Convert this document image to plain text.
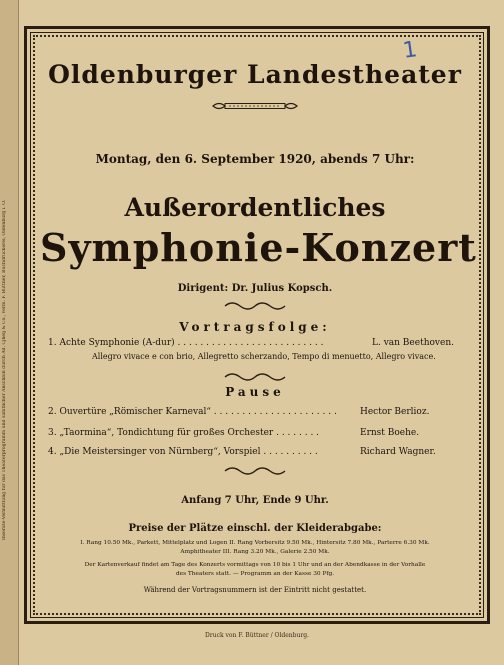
Inserate-Vermittlung für das Theaterprogramm und sämtlicher Anschluß durch Ad. Cjhelj & Co., verm. F. Büttner, Buchdruckerei, Oldenburg i. O.
1
Oldenburger Landestheater
Montag, den 6. September 1920, abends 7 Uhr:
Außerordentliches
Symphonie-Konzert
Dirigent: Dr. Julius Kopsch.
Vortragsfolge:
1. Achte Symphonie (A-dur) . . . . . . . . . . . . . . . . . . . . . . . . . .	L. van Beethoven.
Allegro vivace e con brio, Allegretto scherzando, Tempo di menuetto, Allegro vivace.
Pause
2. Ouvertüre „Römischer Karneval“ . . . . . . . . . . . . . . . . . . . . . .	Hector Berlioz.
3. „Taormina“, Tondichtung für großes Orchester . . . . . . . .	Ernst Boehe.
4. „Die Meistersinger von Nürnberg“, Vorspiel . . . . . . . . . .	Richard Wagner.
Anfang 7 Uhr, Ende 9 Uhr.
Preise der Plätze einschl. der Kleiderabgabe:
I. Rang 10.50 Mk., Parkett, Mittelplatz und Logen II. Rang Vorbersitz 9.50 Mk., Hintersitz 7.80 Mk., Parterre 6.30 Mk.
Amphitheater III. Rang 3.20 Mk., Galerie 2.50 Mk.
Der Kartenverkauf findet am Tage des Konzerts vormittags von 10 bis 1 Uhr und an der Abendkasse in der Vorhalle
des Theaters statt. — Programm an der Kasse 30 Pfg.
Während der Vortragsnummern ist der Eintritt nicht gestattet.
Druck von F. Büttner / Oldenburg.
